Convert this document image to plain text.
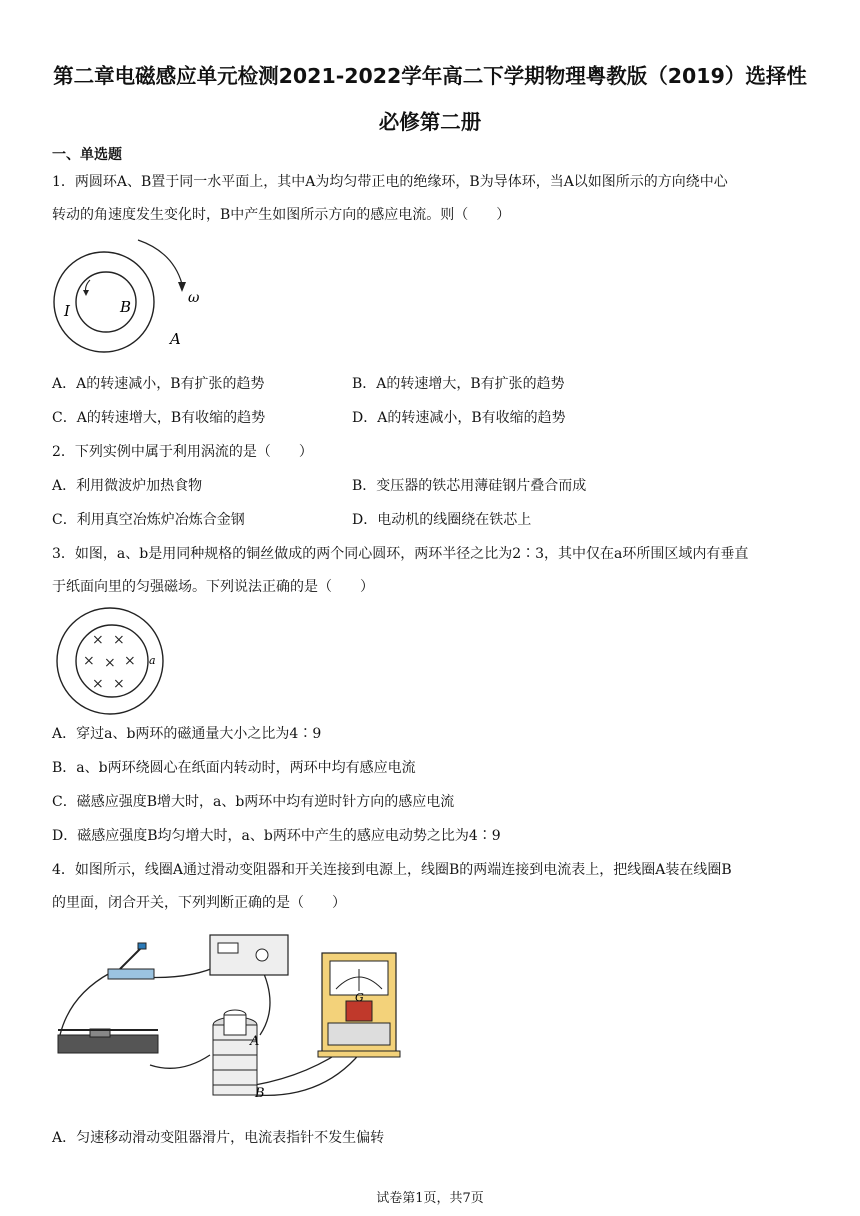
第二章电磁感应单元检测2021-2022学年高二下学期物理粤教版（2019）选择性
必修第二册
一、单选题
1．两圆环A、B置于同一水平面上，其中A为均匀带正电的绝缘环，B为导体环，当A以如图所示的方向绕中心
转动的角速度发生变化时，B中产生如图所示方向的感应电流。则（　　）
I	B
A
ω
A．A的转速减小，B有扩张的趋势	B．A的转速增大，B有扩张的趋势
C．A的转速增大，B有收缩的趋势	D．A的转速减小，B有收缩的趋势
2．下列实例中属于利用涡流的是（　　）
A．利用微波炉加热食物	B．变压器的铁芯用薄硅钢片叠合而成
C．利用真空冶炼炉冶炼合金钢	D．电动机的线圈绕在铁芯上
3．如图，a、b是用同种规格的铜丝做成的两个同心圆环，两环半径之比为2∶3，其中仅在a环所围区域内有垂直
于纸面向里的匀强磁场。下列说法正确的是（　　）
× ×
× × ×
× ×
a
A．穿过a、b两环的磁通量大小之比为4∶9
B．a、b两环绕圆心在纸面内转动时，两环中均有感应电流
C．磁感应强度B增大时，a、b两环中均有逆时针方向的感应电流
D．磁感应强度B均匀增大时，a、b两环中产生的感应电动势之比为4∶9
4．如图所示，线圈A通过滑动变阻器和开关连接到电源上，线圈B的两端连接到电流表上，把线圈A装在线圈B
的里面，闭合开关，下列判断正确的是（　　）
A
B
G
A．匀速移动滑动变阻器滑片，电流表指针不发生偏转
试卷第1页，共7页
